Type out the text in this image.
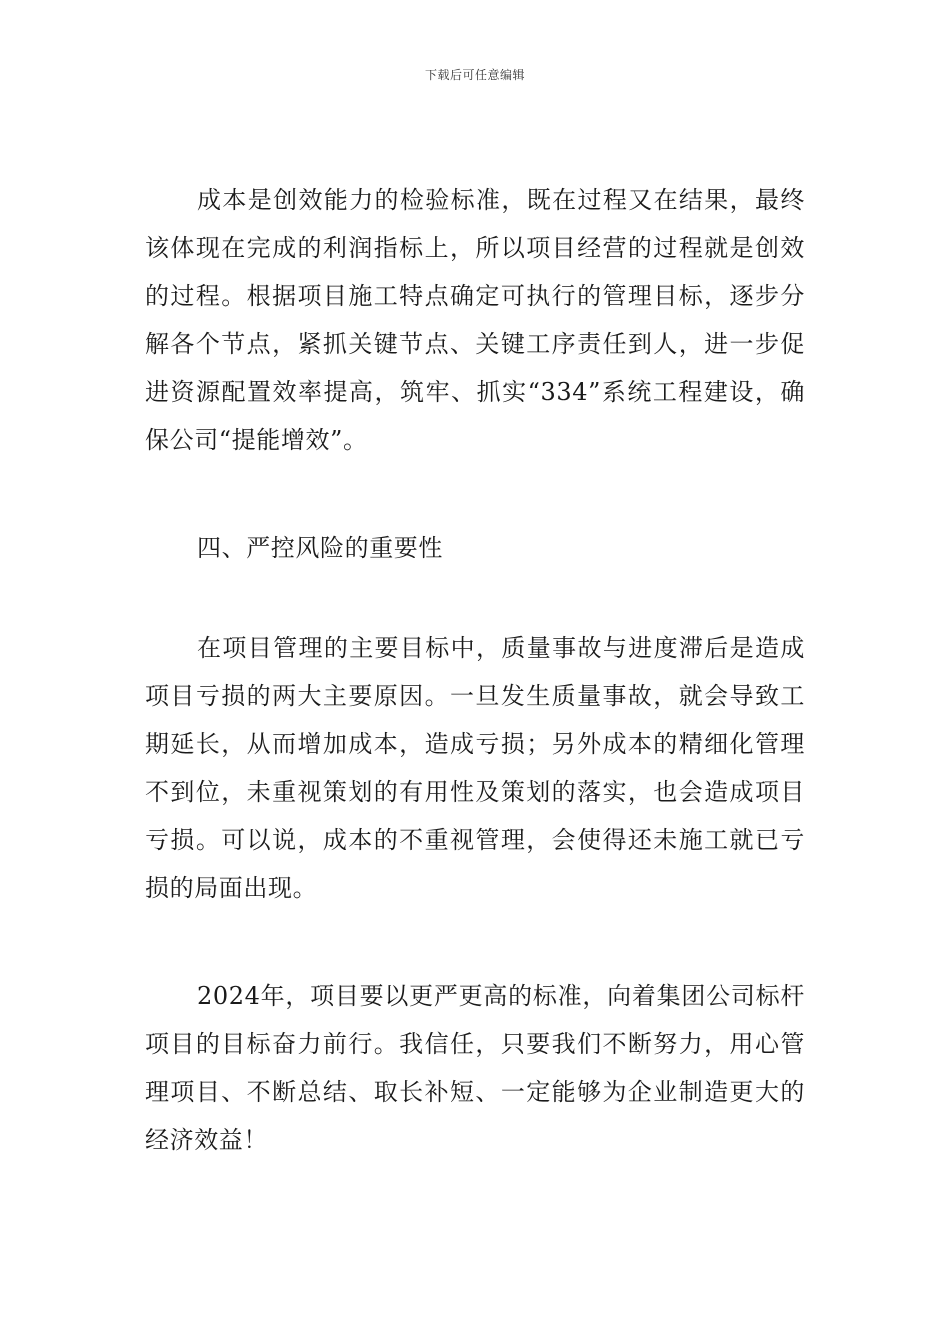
下载后可任意编辑

成本是创效能力的检验标准，既在过程又在结果，最终该体现在完成的利润指标上，所以项目经营的过程就是创效的过程。根据项目施工特点确定可执行的管理目标，逐步分解各个节点，紧抓关键节点、关键工序责任到人，进一步促进资源配置效率提高，筑牢、抓实“334”系统工程建设，确保公司“提能增效”。

四、严控风险的重要性

在项目管理的主要目标中，质量事故与进度滞后是造成项目亏损的两大主要原因。一旦发生质量事故，就会导致工期延长，从而增加成本，造成亏损；另外成本的精细化管理不到位，未重视策划的有用性及策划的落实，也会造成项目亏损。可以说，成本的不重视管理，会使得还未施工就已亏损的局面出现。

2024年，项目要以更严更高的标准，向着集团公司标杆项目的目标奋力前行。我信任，只要我们不断努力，用心管理项目、不断总结、取长补短、一定能够为企业制造更大的经济效益！
